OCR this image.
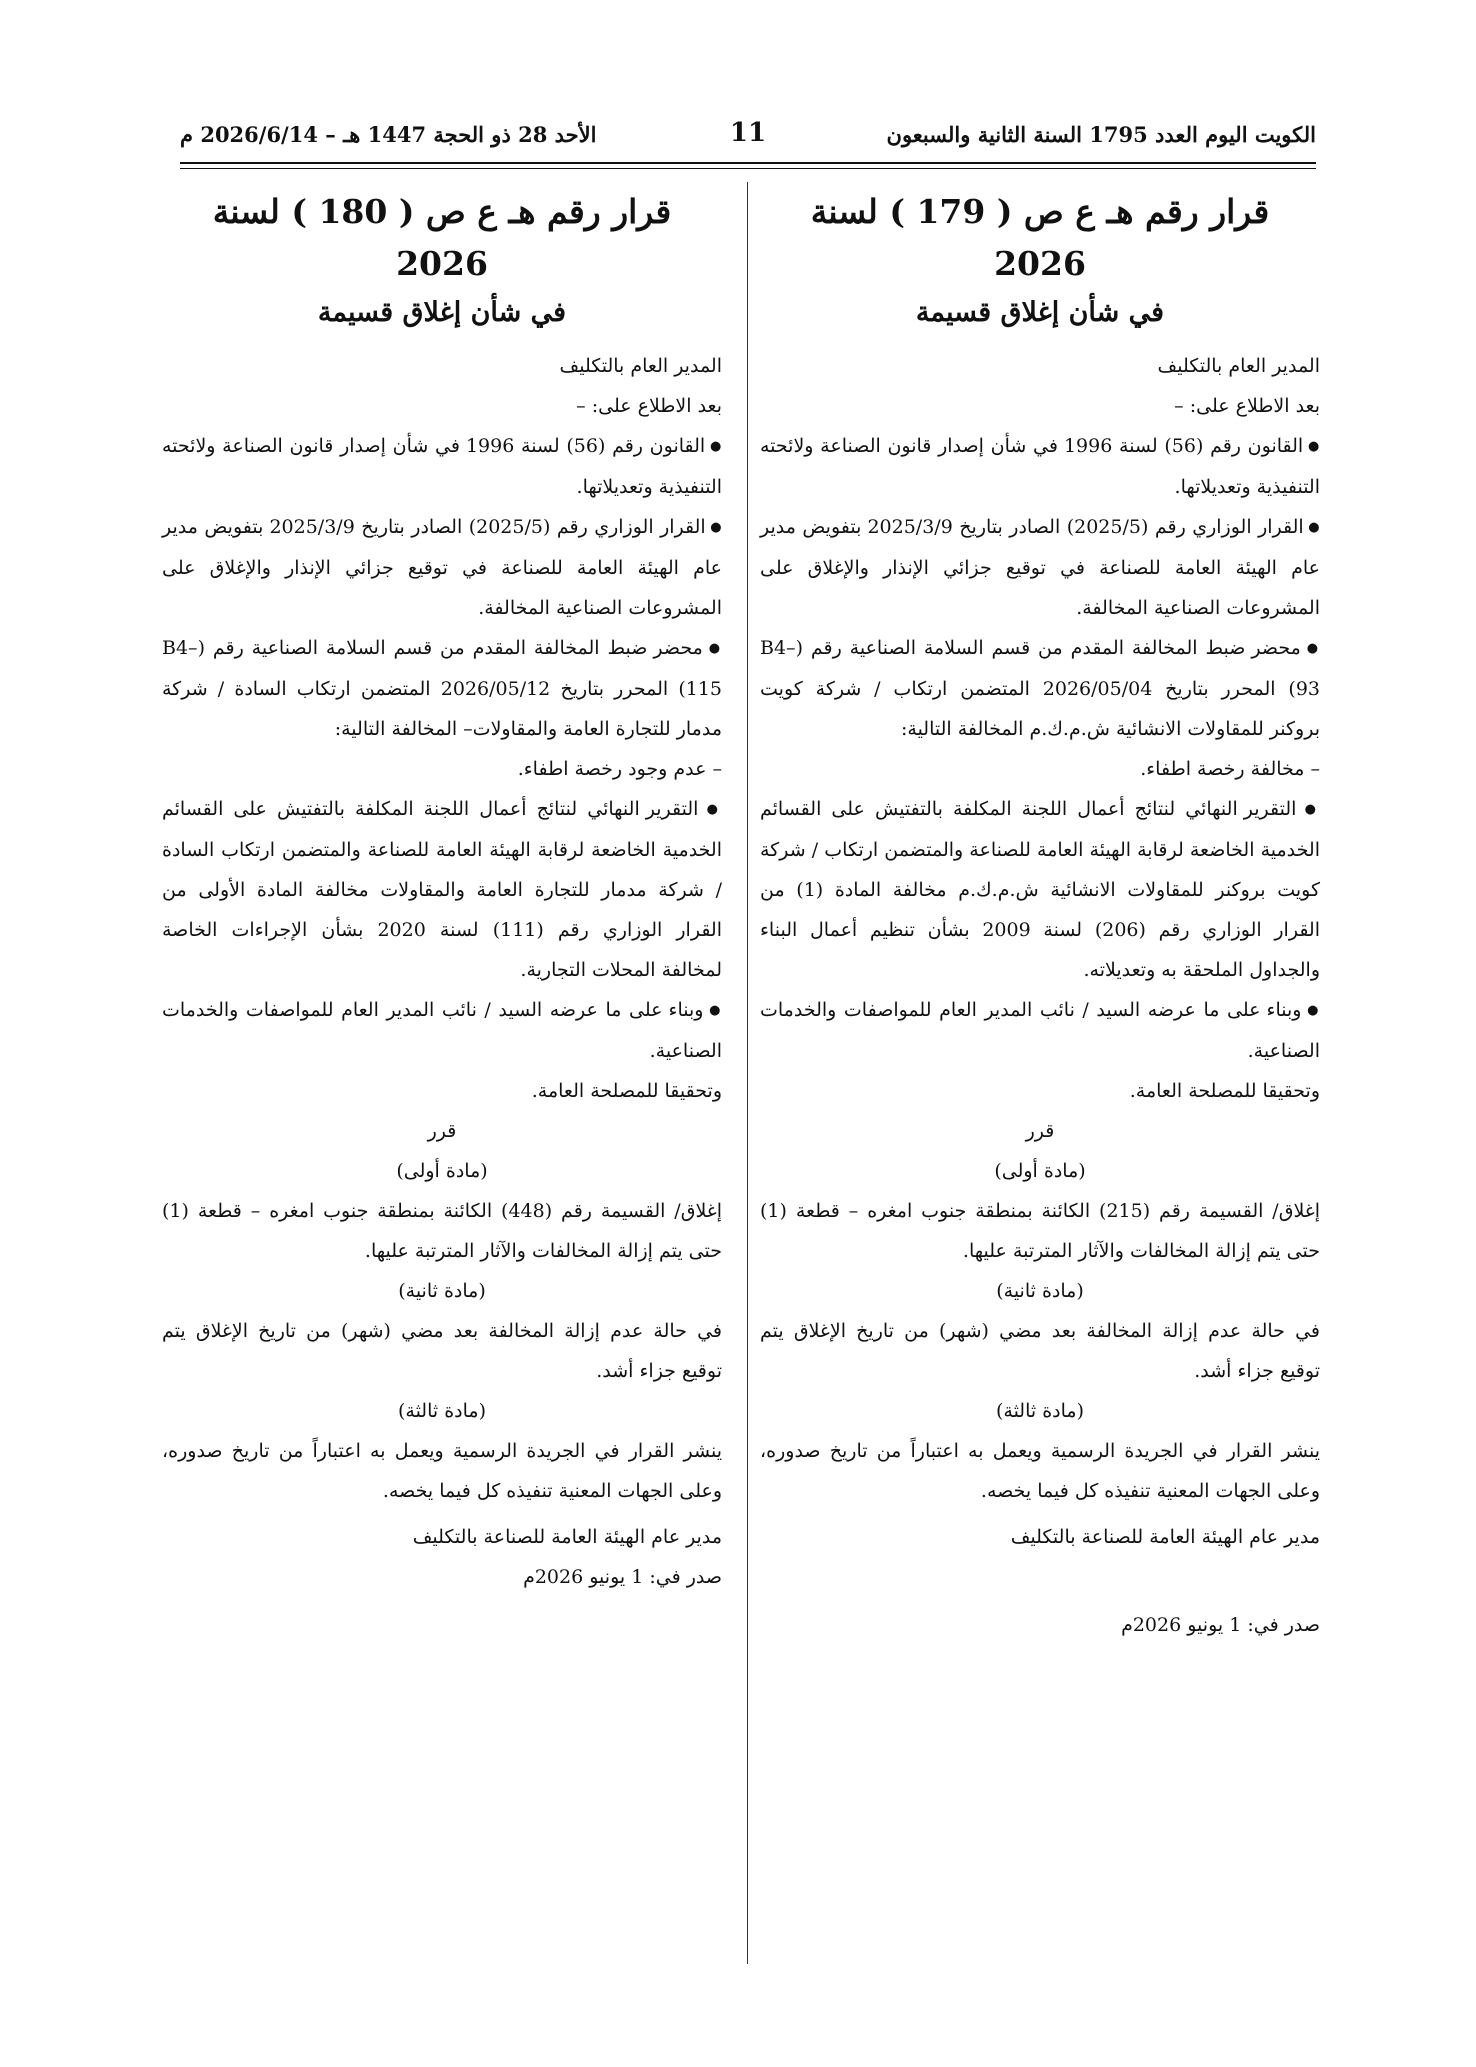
الكويت اليوم العدد 1795 السنة الثانية والسبعون
11
الأحد 28 ذو الحجة 1447 هـ – 2026/6/14 م

قرار رقم هـ ع ص ( 179 ) لسنة 2026

في شأن إغلاق قسيمة

المدير العام بالتكليف

بعد الاطلاع على: –

● القانون رقم (56) لسنة 1996 في شأن إصدار قانون الصناعة ولائحته التنفيذية وتعديلاتها.

● القرار الوزاري رقم (2025/5) الصادر بتاريخ 2025/3/9 بتفويض مدير عام الهيئة العامة للصناعة في توقيع جزائي الإنذار والإغلاق على المشروعات الصناعية المخالفة.

● محضر ضبط المخالفة المقدم من قسم السلامة الصناعية رقم (B4–93) المحرر بتاريخ 2026/05/04 المتضمن ارتكاب / شركة كويت بروكنر للمقاولات الانشائية ش.م.ك.م المخالفة التالية:

– مخالفة رخصة اطفاء.

● التقرير النهائي لنتائج أعمال اللجنة المكلفة بالتفتيش على القسائم الخدمية الخاضعة لرقابة الهيئة العامة للصناعة والمتضمن ارتكاب / شركة كويت بروكنر للمقاولات الانشائية ش.م.ك.م مخالفة المادة (1) من القرار الوزاري رقم (206) لسنة 2009 بشأن تنظيم أعمال البناء والجداول الملحقة به وتعديلاته.

● وبناء على ما عرضه السيد / نائب المدير العام للمواصفات والخدمات الصناعية.

وتحقيقا للمصلحة العامة.

قرر

(مادة أولى)

إغلاق/ القسيمة رقم (215) الكائنة بمنطقة جنوب امغره – قطعة (1) حتى يتم إزالة المخالفات والآثار المترتبة عليها.

(مادة ثانية)

في حالة عدم إزالة المخالفة بعد مضي (شهر) من تاريخ الإغلاق يتم توقيع جزاء أشد.

(مادة ثالثة)

ينشر القرار في الجريدة الرسمية ويعمل به اعتباراً من تاريخ صدوره، وعلى الجهات المعنية تنفيذه كل فيما يخصه.

مدير عام الهيئة العامة للصناعة بالتكليف

صدر في: 1 يونيو 2026م

قرار رقم هـ ع ص ( 180 ) لسنة 2026

في شأن إغلاق قسيمة

المدير العام بالتكليف

بعد الاطلاع على: –

● القانون رقم (56) لسنة 1996 في شأن إصدار قانون الصناعة ولائحته التنفيذية وتعديلاتها.

● القرار الوزاري رقم (2025/5) الصادر بتاريخ 2025/3/9 بتفويض مدير عام الهيئة العامة للصناعة في توقيع جزائي الإنذار والإغلاق على المشروعات الصناعية المخالفة.

● محضر ضبط المخالفة المقدم من قسم السلامة الصناعية رقم (B4–115) المحرر بتاريخ 2026/05/12 المتضمن ارتكاب السادة / شركة مدمار للتجارة العامة والمقاولات– المخالفة التالية:

– عدم وجود رخصة اطفاء.

● التقرير النهائي لنتائج أعمال اللجنة المكلفة بالتفتيش على القسائم الخدمية الخاضعة لرقابة الهيئة العامة للصناعة والمتضمن ارتكاب السادة / شركة مدمار للتجارة العامة والمقاولات مخالفة المادة الأولى من القرار الوزاري رقم (111) لسنة 2020 بشأن الإجراءات الخاصة لمخالفة المحلات التجارية.

● وبناء على ما عرضه السيد / نائب المدير العام للمواصفات والخدمات الصناعية.

وتحقيقا للمصلحة العامة.

قرر

(مادة أولى)

إغلاق/ القسيمة رقم (448) الكائنة بمنطقة جنوب امغره – قطعة (1) حتى يتم إزالة المخالفات والآثار المترتبة عليها.

(مادة ثانية)

في حالة عدم إزالة المخالفة بعد مضي (شهر) من تاريخ الإغلاق يتم توقيع جزاء أشد.

(مادة ثالثة)

ينشر القرار في الجريدة الرسمية ويعمل به اعتباراً من تاريخ صدوره، وعلى الجهات المعنية تنفيذه كل فيما يخصه.

مدير عام الهيئة العامة للصناعة بالتكليف

صدر في: 1 يونيو 2026م
